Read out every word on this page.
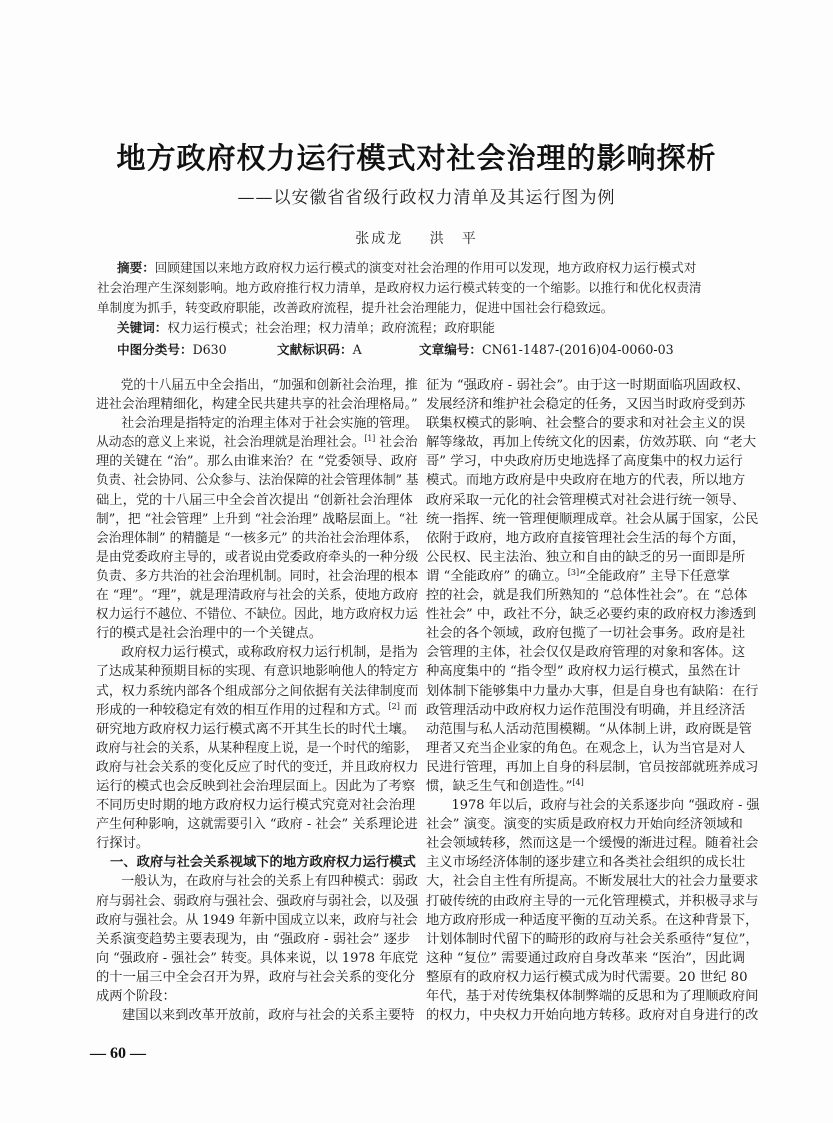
地方政府权力运行模式对社会治理的影响探析
——以安徽省省级行政权力清单及其运行图为例
张成龙 洪　平
摘要：回顾建国以来地方政府权力运行模式的演变对社会治理的作用可以发现，地方政府权力运行模式对
社会治理产生深刻影响。地方政府推行权力清单，是政府权力运行模式转变的一个缩影。以推行和优化权责清
单制度为抓手，转变政府职能，改善政府流程，提升社会治理能力，促进中国社会行稳致远。
关键词：权力运行模式；社会治理；权力清单；政府流程；政府职能
中图分类号：D630	文献标识码：A	文章编号：CN61-1487-(2016)04-0060-03
党的十八届五中全会指出，“加强和创新社会治理，推
进社会治理精细化，构建全民共建共享的社会治理格局。”
社会治理是指特定的治理主体对于社会实施的管理。
从动态的意义上来说，社会治理就是治理社会。[1] 社会治
理的关键在 “治”。那么由谁来治？在 “党委领导、政府
负责、社会协同、公众参与、法治保障的社会管理体制” 基
础上，党的十八届三中全会首次提出 “创新社会治理体
制”，把 “社会管理” 上升到 “社会治理” 战略层面上。“社
会治理体制” 的精髓是 “一核多元” 的共治社会治理体系，
是由党委政府主导的，或者说由党委政府牵头的一种分级
负责、多方共治的社会治理机制。同时，社会治理的根本
在 “理”。“理”，就是理清政府与社会的关系，使地方政府
权力运行不越位、不错位、不缺位。因此，地方政府权力运
行的模式是社会治理中的一个关键点。
政府权力运行模式，或称政府权力运行机制，是指为
了达成某种预期目标的实现、有意识地影响他人的特定方
式，权力系统内部各个组成部分之间依据有关法律制度而
形成的一种较稳定有效的相互作用的过程和方式。[2] 而
研究地方政府权力运行模式离不开其生长的时代土壤。
政府与社会的关系，从某种程度上说，是一个时代的缩影，
政府与社会关系的变化反应了时代的变迁，并且政府权力
运行的模式也会反映到社会治理层面上。因此为了考察
不同历史时期的地方政府权力运行模式究竟对社会治理
产生何种影响，这就需要引入 “政府 - 社会” 关系理论进
行探讨。
一、政府与社会关系视域下的地方政府权力运行模式
一般认为，在政府与社会的关系上有四种模式：弱政
府与弱社会、弱政府与强社会、强政府与弱社会，以及强
政府与强社会。从 1949 年新中国成立以来，政府与社会
关系演变趋势主要表现为，由 “强政府 - 弱社会” 逐步
向 “强政府 - 强社会” 转变。具体来说，以 1978 年底党
的十一届三中全会召开为界，政府与社会关系的变化分
成两个阶段：
建国以来到改革开放前，政府与社会的关系主要特
征为 “强政府 - 弱社会”。由于这一时期面临巩固政权、
发展经济和维护社会稳定的任务，又因当时政府受到苏
联集权模式的影响、社会整合的要求和对社会主义的误
解等缘故，再加上传统文化的因素，仿效苏联、向 “老大
哥” 学习，中央政府历史地选择了高度集中的权力运行
模式。而地方政府是中央政府在地方的代表，所以地方
政府采取一元化的社会管理模式对社会进行统一领导、
统一指挥、统一管理便顺理成章。社会从属于国家，公民
依附于政府，地方政府直接管理社会生活的每个方面，
公民权、民主法治、独立和自由的缺乏的另一面即是所
谓 “全能政府” 的确立。[3]“全能政府” 主导下任意掌
控的社会，就是我们所熟知的 “总体性社会”。在 “总体
性社会” 中，政社不分，缺乏必要约束的政府权力渗透到
社会的各个领域，政府包揽了一切社会事务。政府是社
会管理的主体，社会仅仅是政府管理的对象和客体。这
种高度集中的 “指令型” 政府权力运行模式，虽然在计
划体制下能够集中力量办大事，但是自身也有缺陷：在行
政管理活动中政府权力运作范围没有明确，并且经济活
动范围与私人活动范围模糊。“从体制上讲，政府既是管
理者又充当企业家的角色。在观念上，认为当官是对人
民进行管理，再加上自身的科层制，官员按部就班养成习
惯，缺乏生气和创造性。”[4]
1978 年以后，政府与社会的关系逐步向 “强政府 - 强
社会” 演变。演变的实质是政府权力开始向经济领域和
社会领域转移，然而这是一个缓慢的渐进过程。随着社会
主义市场经济体制的逐步建立和各类社会组织的成长壮
大，社会自主性有所提高。不断发展壮大的社会力量要求
打破传统的由政府主导的一元化管理模式，并积极寻求与
地方政府形成一种适度平衡的互动关系。在这种背景下，
计划体制时代留下的畸形的政府与社会关系亟待“复位”，
这种 “复位” 需要通过政府自身改革来 “医治”，因此调
整原有的政府权力运行模式成为时代需要。20 世纪 80
年代，基于对传统集权体制弊端的反思和为了理顺政府间
的权力，中央权力开始向地方转移。政府对自身进行的改
— 60 —
